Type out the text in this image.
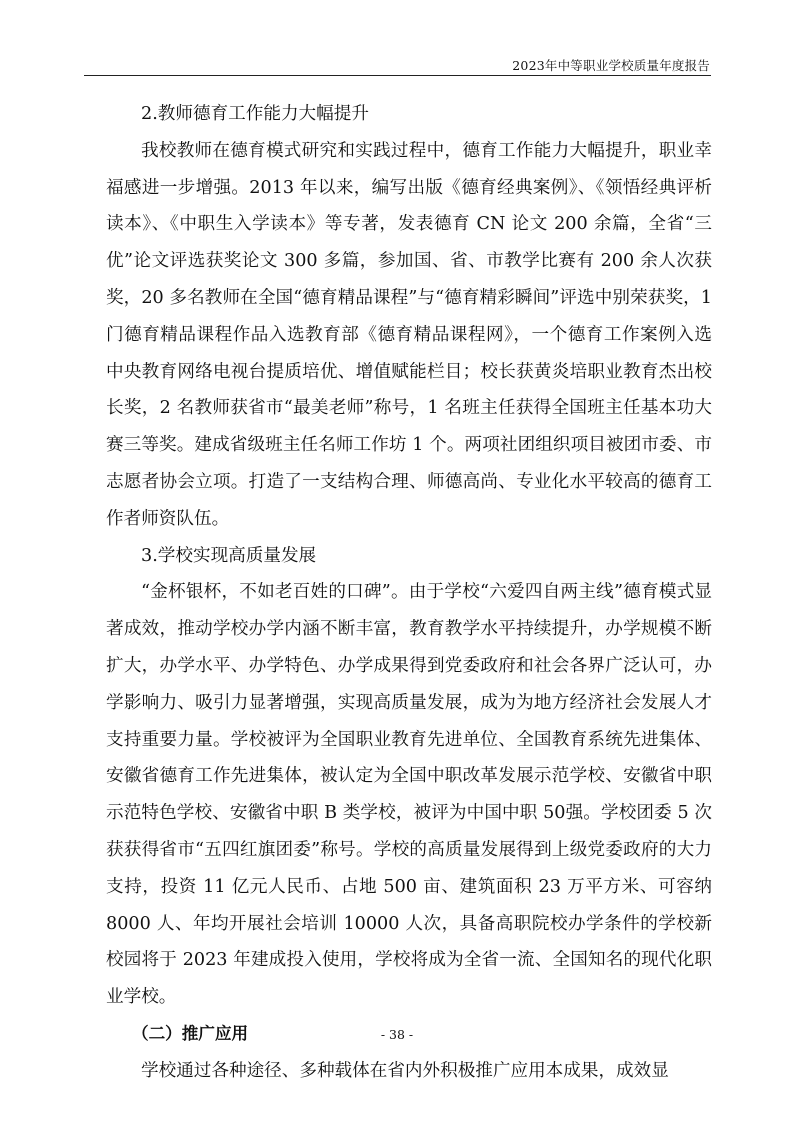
2023年中等职业学校质量年度报告

2.教师德育工作能力大幅提升

我校教师在德育模式研究和实践过程中，德育工作能力大幅提升，职业幸福感进一步增强。2013 年以来，编写出版《德育经典案例》、《领悟经典评析读本》、《中职生入学读本》等专著，发表德育 CN 论文 200 余篇，全省“三优”论文评选获奖论文 300 多篇，参加国、省、市教学比赛有 200 余人次获奖，20 多名教师在全国“德育精品课程”与“德育精彩瞬间”评选中别荣获奖，1 门德育精品课程作品入选教育部《德育精品课程网》，一个德育工作案例入选中央教育网络电视台提质培优、增值赋能栏目；校长获黄炎培职业教育杰出校长奖，2 名教师获省市“最美老师”称号，1 名班主任获得全国班主任基本功大赛三等奖。建成省级班主任名师工作坊 1 个。两项社团组织项目被团市委、市志愿者协会立项。打造了一支结构合理、师德高尚、专业化水平较高的德育工作者师资队伍。

3.学校实现高质量发展

“金杯银杯，不如老百姓的口碑”。由于学校“六爱四自两主线”德育模式显著成效，推动学校办学内涵不断丰富，教育教学水平持续提升，办学规模不断扩大，办学水平、办学特色、办学成果得到党委政府和社会各界广泛认可，办学影响力、吸引力显著增强，实现高质量发展，成为为地方经济社会发展人才支持重要力量。学校被评为全国职业教育先进单位、全国教育系统先进集体、安徽省德育工作先进集体，被认定为全国中职改革发展示范学校、安徽省中职示范特色学校、安徽省中职 B 类学校，被评为中国中职 50强。学校团委 5 次获获得省市“五四红旗团委”称号。学校的高质量发展得到上级党委政府的大力支持，投资 11 亿元人民币、占地 500 亩、建筑面积 23 万平方米、可容纳 8000 人、年均开展社会培训 10000 人次，具备高职院校办学条件的学校新校园将于 2023 年建成投入使用，学校将成为全省一流、全国知名的现代化职业学校。

（二）推广应用

学校通过各种途径、多种载体在省内外积极推广应用本成果，成效显

- 38 -
